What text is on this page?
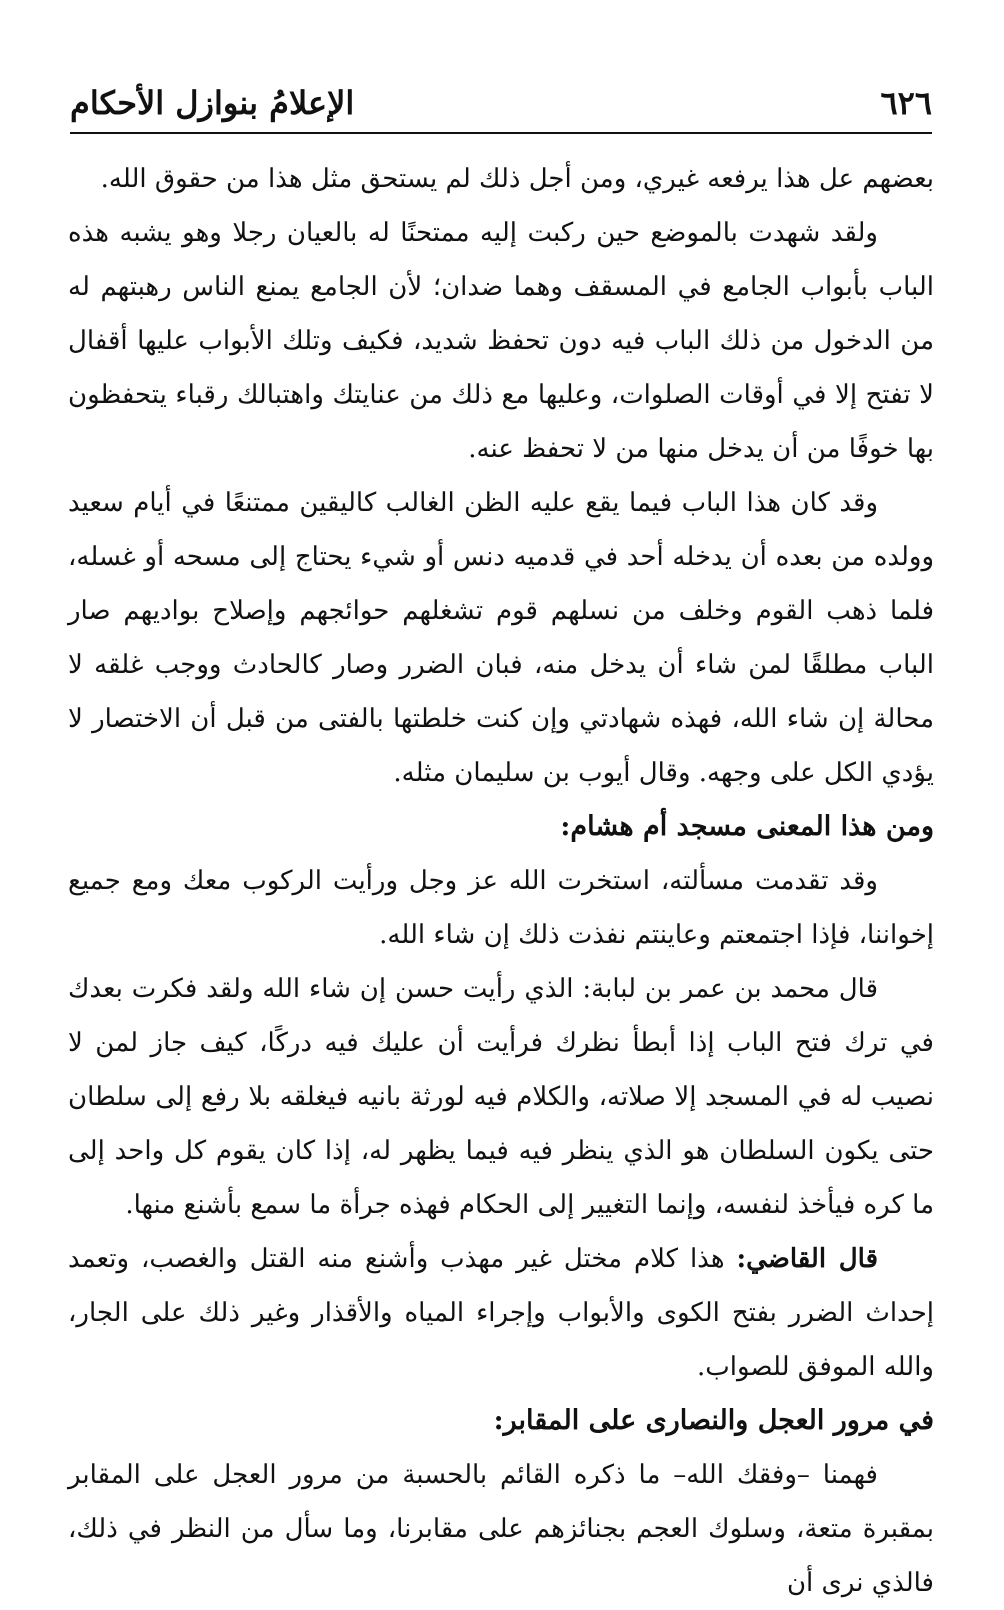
٦٢٦
الإعلامُ بنوازل الأحكام

بعضهم عل هذا يرفعه غيري، ومن أجل ذلك لم يستحق مثل هذا من حقوق الله.

ولقد شهدت بالموضع حين ركبت إليه ممتحنًا له بالعيان رجلا وهو يشبه هذه الباب بأبواب الجامع في المسقف وهما ضدان؛ لأن الجامع يمنع الناس رهبتهم له من الدخول من ذلك الباب فيه دون تحفظ شديد، فكيف وتلك الأبواب عليها أقفال لا تفتح إلا في أوقات الصلوات، وعليها مع ذلك من عنايتك واهتبالك رقباء يتحفظون بها خوفًا من أن يدخل منها من لا تحفظ عنه.

وقد كان هذا الباب فيما يقع عليه الظن الغالب كاليقين ممتنعًا في أيام سعيد وولده من بعده أن يدخله أحد في قدميه دنس أو شيء يحتاج إلى مسحه أو غسله، فلما ذهب القوم وخلف من نسلهم قوم تشغلهم حوائجهم وإصلاح بواديهم صار الباب مطلقًا لمن شاء أن يدخل منه، فبان الضرر وصار كالحادث ووجب غلقه لا محالة إن شاء الله، فهذه شهادتي وإن كنت خلطتها بالفتى من قبل أن الاختصار لا يؤدي الكل على وجهه. وقال أيوب بن سليمان مثله.

ومن هذا المعنى مسجد أم هشام:

وقد تقدمت مسألته، استخرت الله عز وجل ورأيت الركوب معك ومع جميع إخواننا، فإذا اجتمعتم وعاينتم نفذت ذلك إن شاء الله.

قال محمد بن عمر بن لبابة: الذي رأيت حسن إن شاء الله ولقد فكرت بعدك في ترك فتح الباب إذا أبطأ نظرك فرأيت أن عليك فيه دركًا، كيف جاز لمن لا نصيب له في المسجد إلا صلاته، والكلام فيه لورثة بانيه فيغلقه بلا رفع إلى سلطان حتى يكون السلطان هو الذي ينظر فيه فيما يظهر له، إذا كان يقوم كل واحد إلى ما كره فيأخذ لنفسه، وإنما التغيير إلى الحكام فهذه جرأة ما سمع بأشنع منها.

قال القاضي: هذا كلام مختل غير مهذب وأشنع منه القتل والغصب، وتعمد إحداث الضرر بفتح الكوى والأبواب وإجراء المياه والأقذار وغير ذلك على الجار، والله الموفق للصواب.

في مرور العجل والنصارى على المقابر:

فهمنا –وفقك الله– ما ذكره القائم بالحسبة من مرور العجل على المقابر بمقبرة متعة، وسلوك العجم بجنائزهم على مقابرنا، وما سأل من النظر في ذلك، فالذي نرى أن
